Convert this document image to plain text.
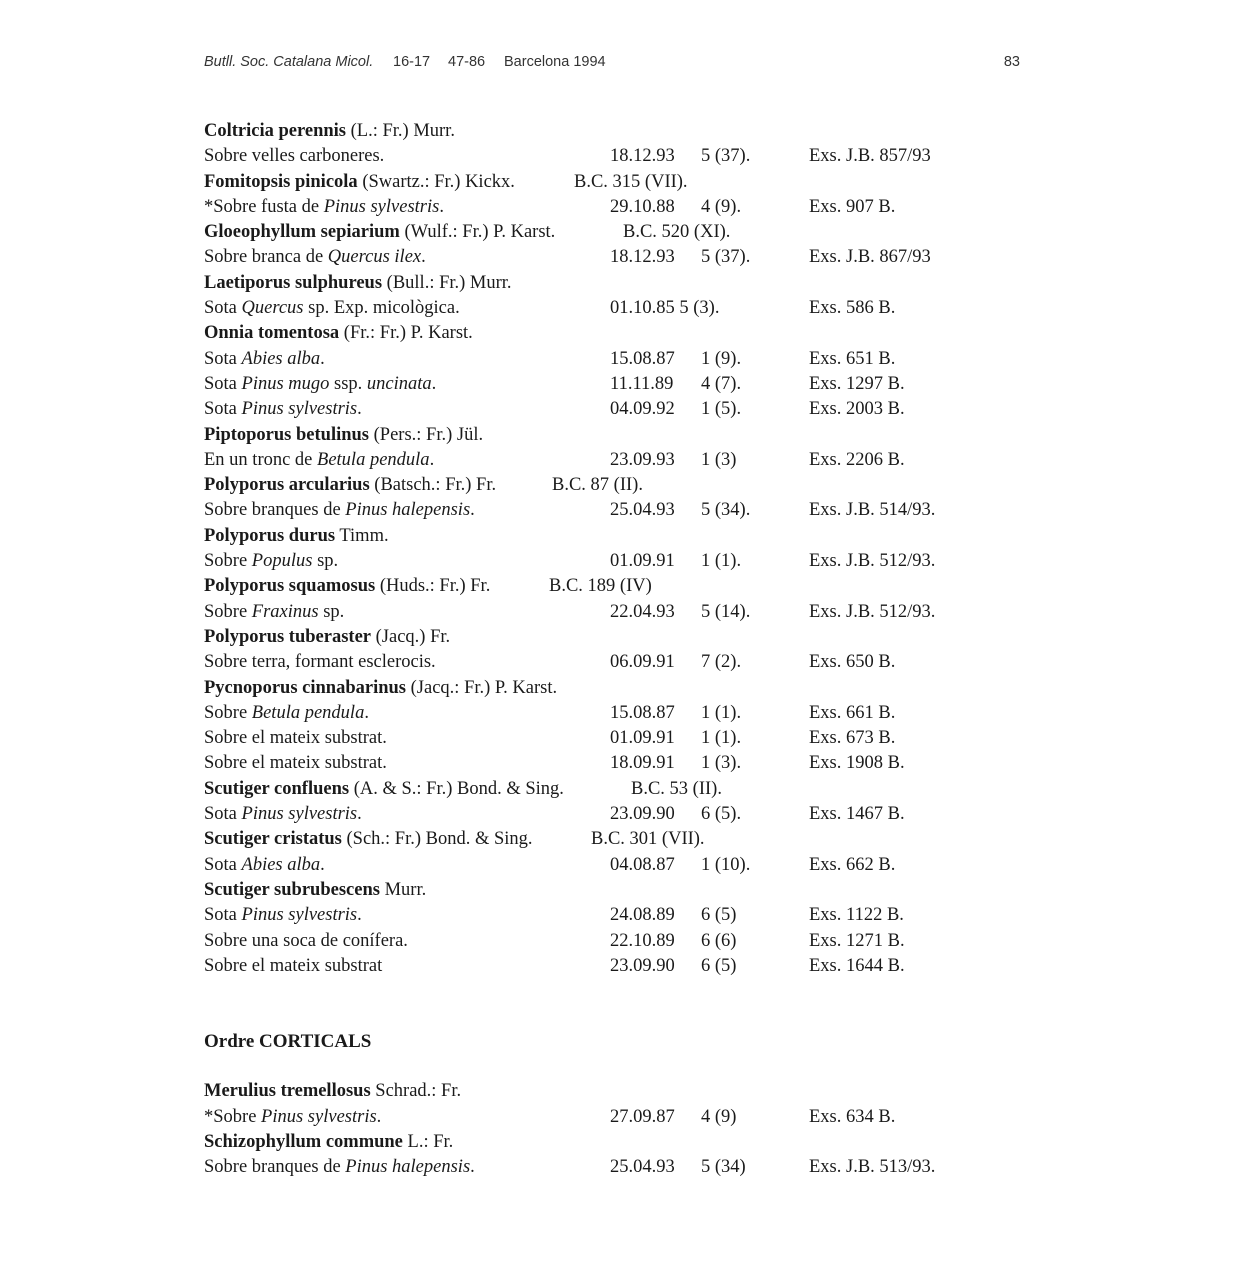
Butll. Soc. Catalana Micol. 16-17 47-86 Barcelona 1994	83
Coltricia perennis (L.: Fr.) Murr.
Sobre velles carboneres.	18.12.93 5 (37).	Exs. J.B. 857/93
Fomitopsis pinicola (Swartz.: Fr.) Kickx.	B.C. 315 (VII).
*Sobre fusta de Pinus sylvestris.	29.10.88 4 (9).	Exs. 907 B.
Gloeophyllum sepiarium (Wulf.: Fr.) P. Karst.	B.C. 520 (XI).
Sobre branca de Quercus ilex.	18.12.93 5 (37).	Exs. J.B. 867/93
Laetiporus sulphureus (Bull.: Fr.) Murr.
Sota Quercus sp. Exp. micològica.	01.10.85 5 (3).	Exs. 586 B.
Onnia tomentosa (Fr.: Fr.) P. Karst.
Sota Abies alba.	15.08.87 1 (9).	Exs. 651 B.
Sota Pinus mugo ssp. uncinata.	11.11.89 4 (7).	Exs. 1297 B.
Sota Pinus sylvestris.	04.09.92 1 (5).	Exs. 2003 B.
Piptoporus betulinus (Pers.: Fr.) Jül.
En un tronc de Betula pendula.	23.09.93 1 (3)	Exs. 2206 B.
Polyporus arcularius (Batsch.: Fr.) Fr.	B.C. 87 (II).
Sobre branques de Pinus halepensis.	25.04.93 5 (34).	Exs. J.B. 514/93.
Polyporus durus Timm.
Sobre Populus sp.	01.09.91 1 (1).	Exs. J.B. 512/93.
Polyporus squamosus (Huds.: Fr.) Fr.	B.C. 189 (IV)
Sobre Fraxinus sp.	22.04.93 5 (14).	Exs. J.B. 512/93.
Polyporus tuberaster (Jacq.) Fr.
Sobre terra, formant esclerocis.	06.09.91 7 (2).	Exs. 650 B.
Pycnoporus cinnabarinus (Jacq.: Fr.) P. Karst.
Sobre Betula pendula.	15.08.87 1 (1).	Exs. 661 B.
Sobre el mateix substrat.	01.09.91 1 (1).	Exs. 673 B.
Sobre el mateix substrat.	18.09.91 1 (3).	Exs. 1908 B.
Scutiger confluens (A. & S.: Fr.) Bond. & Sing.	B.C. 53 (II).
Sota Pinus sylvestris.	23.09.90 6 (5).	Exs. 1467 B.
Scutiger cristatus (Sch.: Fr.) Bond. & Sing.	B.C. 301 (VII).
Sota Abies alba.	04.08.87 1 (10).	Exs. 662 B.
Scutiger subrubescens Murr.
Sota Pinus sylvestris.	24.08.89 6 (5)	Exs. 1122 B.
Sobre una soca de conífera.	22.10.89 6 (6)	Exs. 1271 B.
Sobre el mateix substrat	23.09.90 6 (5)	Exs. 1644 B.
Ordre CORTICALS
Merulius tremellosus Schrad.: Fr.
*Sobre Pinus sylvestris.	27.09.87 4 (9)	Exs. 634 B.
Schizophyllum commune L.: Fr.
Sobre branques de Pinus halepensis.	25.04.93 5 (34)	Exs. J.B. 513/93.
